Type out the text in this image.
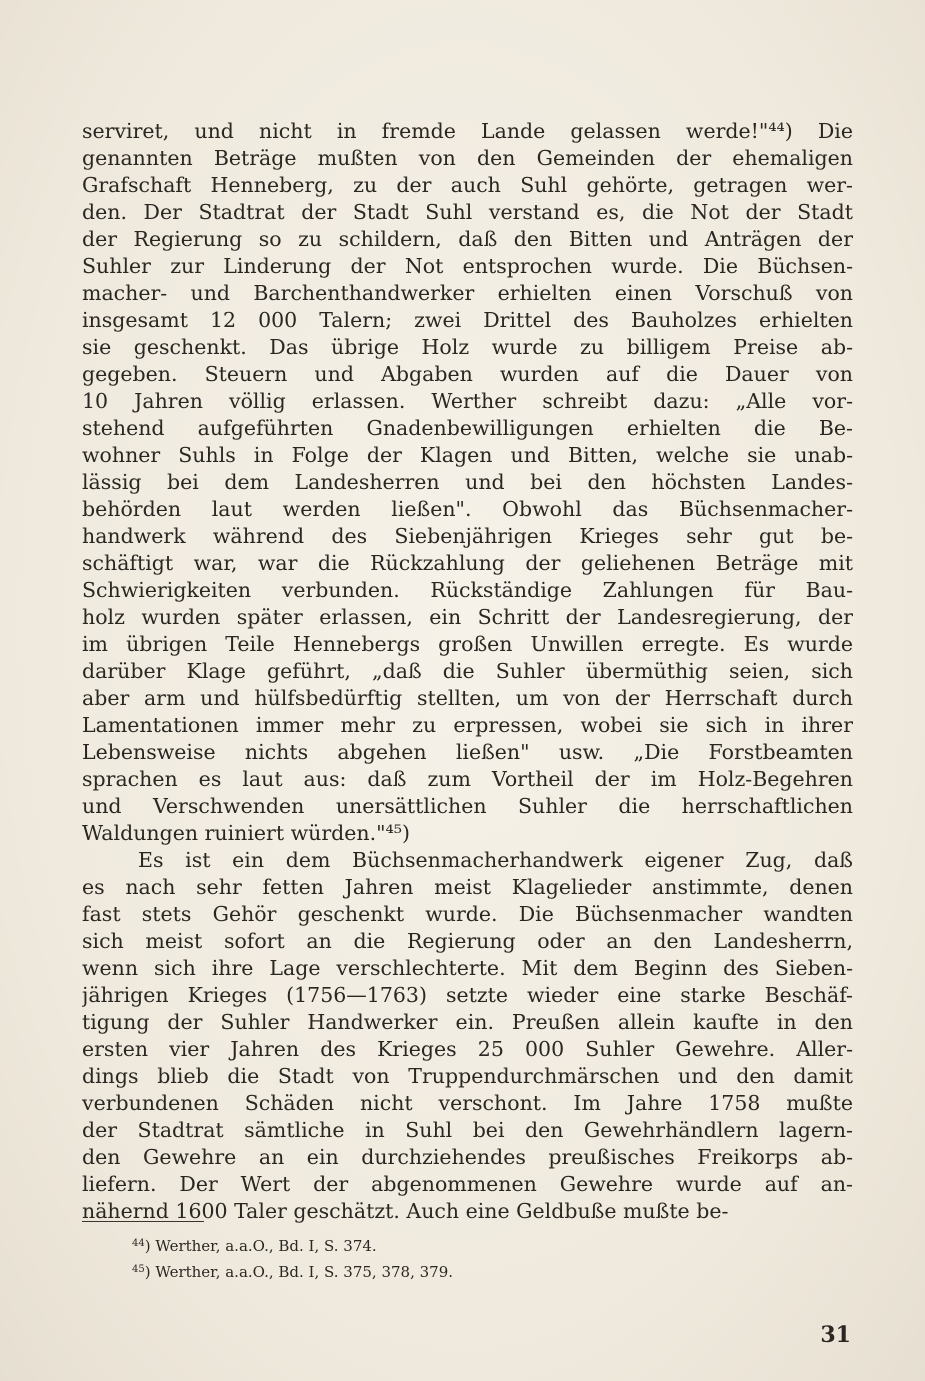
serviret, und nicht in fremde Lande gelassen werde!"⁴⁴) Die
genannten Beträge mußten von den Gemeinden der ehemaligen
Grafschaft Henneberg, zu der auch Suhl gehörte, getragen wer-
den. Der Stadtrat der Stadt Suhl verstand es, die Not der Stadt
der Regierung so zu schildern, daß den Bitten und Anträgen der
Suhler zur Linderung der Not entsprochen wurde. Die Büchsen-
macher- und Barchenthandwerker erhielten einen Vorschuß von
insgesamt 12 000 Talern; zwei Drittel des Bauholzes erhielten
sie geschenkt. Das übrige Holz wurde zu billigem Preise ab-
gegeben. Steuern und Abgaben wurden auf die Dauer von
10 Jahren völlig erlassen. Werther schreibt dazu: „Alle vor-
stehend aufgeführten Gnadenbewilligungen erhielten die Be-
wohner Suhls in Folge der Klagen und Bitten, welche sie unab-
lässig bei dem Landesherren und bei den höchsten Landes-
behörden laut werden ließen". Obwohl das Büchsenmacher-
handwerk während des Siebenjährigen Krieges sehr gut be-
schäftigt war, war die Rückzahlung der geliehenen Beträge mit
Schwierigkeiten verbunden. Rückständige Zahlungen für Bau-
holz wurden später erlassen, ein Schritt der Landesregierung, der
im übrigen Teile Hennebergs großen Unwillen erregte. Es wurde
darüber Klage geführt, „daß die Suhler übermüthig seien, sich
aber arm und hülfsbedürftig stellten, um von der Herrschaft durch
Lamentationen immer mehr zu erpressen, wobei sie sich in ihrer
Lebensweise nichts abgehen ließen" usw. „Die Forstbeamten
sprachen es laut aus: daß zum Vortheil der im Holz-Begehren
und Verschwenden unersättlichen Suhler die herrschaftlichen
Waldungen ruiniert würden."⁴⁵)

Es ist ein dem Büchsenmacherhandwerk eigener Zug, daß
es nach sehr fetten Jahren meist Klagelieder anstimmte, denen
fast stets Gehör geschenkt wurde. Die Büchsenmacher wandten
sich meist sofort an die Regierung oder an den Landesherrn,
wenn sich ihre Lage verschlechterte. Mit dem Beginn des Sieben-
jährigen Krieges (1756—1763) setzte wieder eine starke Beschäf-
tigung der Suhler Handwerker ein. Preußen allein kaufte in den
ersten vier Jahren des Krieges 25 000 Suhler Gewehre. Aller-
dings blieb die Stadt von Truppendurchmärschen und den damit
verbundenen Schäden nicht verschont. Im Jahre 1758 mußte
der Stadtrat sämtliche in Suhl bei den Gewehrhändlern lagern-
den Gewehre an ein durchziehendes preußisches Freikorps ab-
liefern. Der Wert der abgenommenen Gewehre wurde auf an-
nähernd 1600 Taler geschätzt. Auch eine Geldbuße mußte be-

$^{44}$) Werther, a.a.O., Bd. I, S. 374.
$^{45}$) Werther, a.a.O., Bd. I, S. 375, 378, 379.
31
